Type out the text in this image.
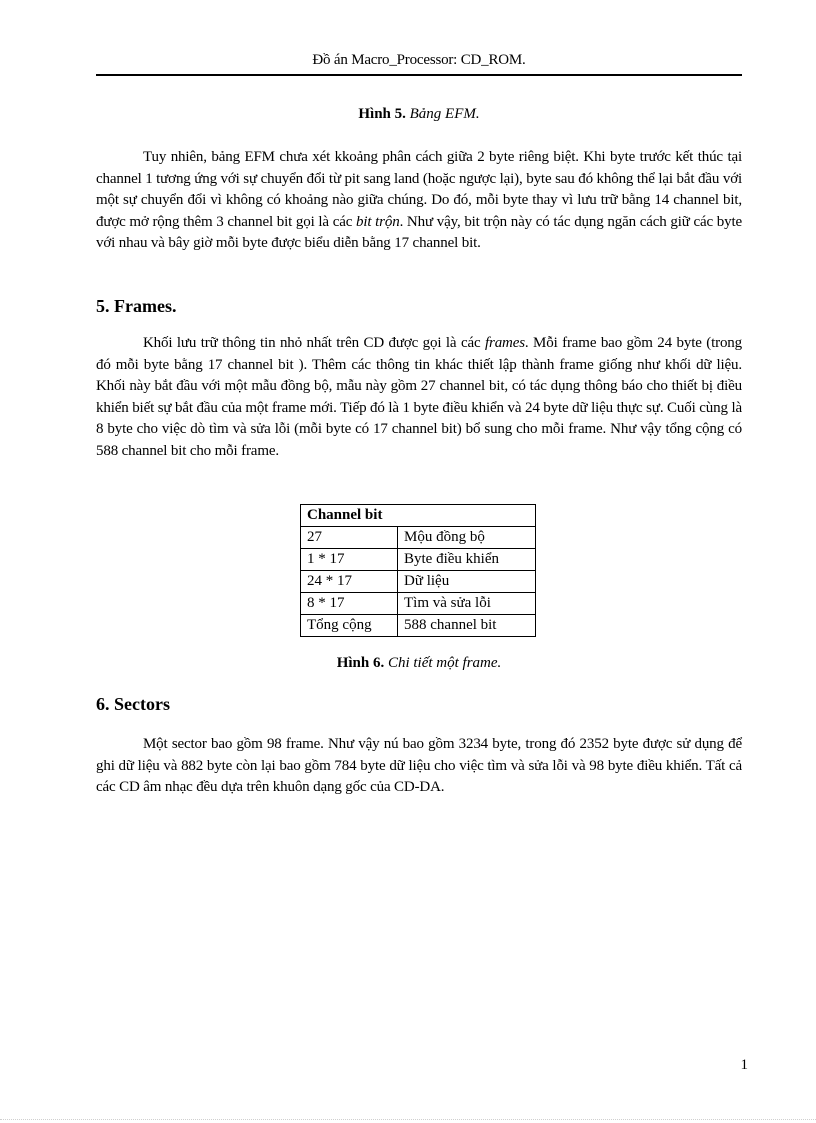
Đồ án Macro_Processor: CD_ROM.
Hình 5. Bảng EFM.

Tuy nhiên, bảng EFM chưa xét kkoảng phân cách giữa 2 byte riêng biệt. Khi byte trước kết thúc tại channel 1 tương ứng với sự chuyển đổi từ pit sang land (hoặc ngược lại), byte sau đó không thể lại bắt đầu với một sự chuyển đổi vì không có khoảng nào giữa chúng. Do đó, mỗi byte thay vì lưu trữ bằng 14 channel bit, được mở rộng thêm 3 channel bit gọi là các bit trộn. Như vậy, bit trộn này có tác dụng ngăn cách giữ các byte với nhau và bây giờ mỗi byte được biểu diễn bằng 17 channel bit.

5. Frames.

Khối lưu trữ thông tin nhỏ nhất trên CD được gọi là các frames. Mỗi frame bao gồm 24 byte (trong đó mỗi byte bằng 17 channel bit ). Thêm các thông tin khác thiết lập thành frame giống như khối dữ liệu. Khối này bắt đầu với một mẫu đồng bộ, mẫu này gồm 27 channel bit, có tác dụng thông báo cho thiết bị điều khiển biết sự bắt đầu của một frame mới. Tiếp đó là 1 byte điều khiển và 24 byte dữ liệu thực sự. Cuối cùng là 8 byte cho việc dò tìm và sửa lỗi (mỗi byte có 17 channel bit) bổ sung cho mỗi frame. Như vậy tổng cộng có 588 channel bit cho mỗi frame.

Channel bit	
27	Mộu đồng bộ
1 * 17	Byte điều khiển
24 * 17	Dữ liệu
8 * 17	Tìm và sửa lỗi
Tổng cộng	588 channel bit
Hình 6. Chi tiết một frame.
6. Sectors

Một sector bao gồm 98 frame. Như vậy nú bao gồm 3234 byte, trong đó 2352 byte được sử dụng để ghi dữ liệu và 882 byte còn lại bao gồm 784 byte dữ liệu cho việc tìm và sửa lỗi và 98 byte điều khiển. Tất cả các CD âm nhạc đều dựa trên khuôn dạng gốc của CD-DA.

1
